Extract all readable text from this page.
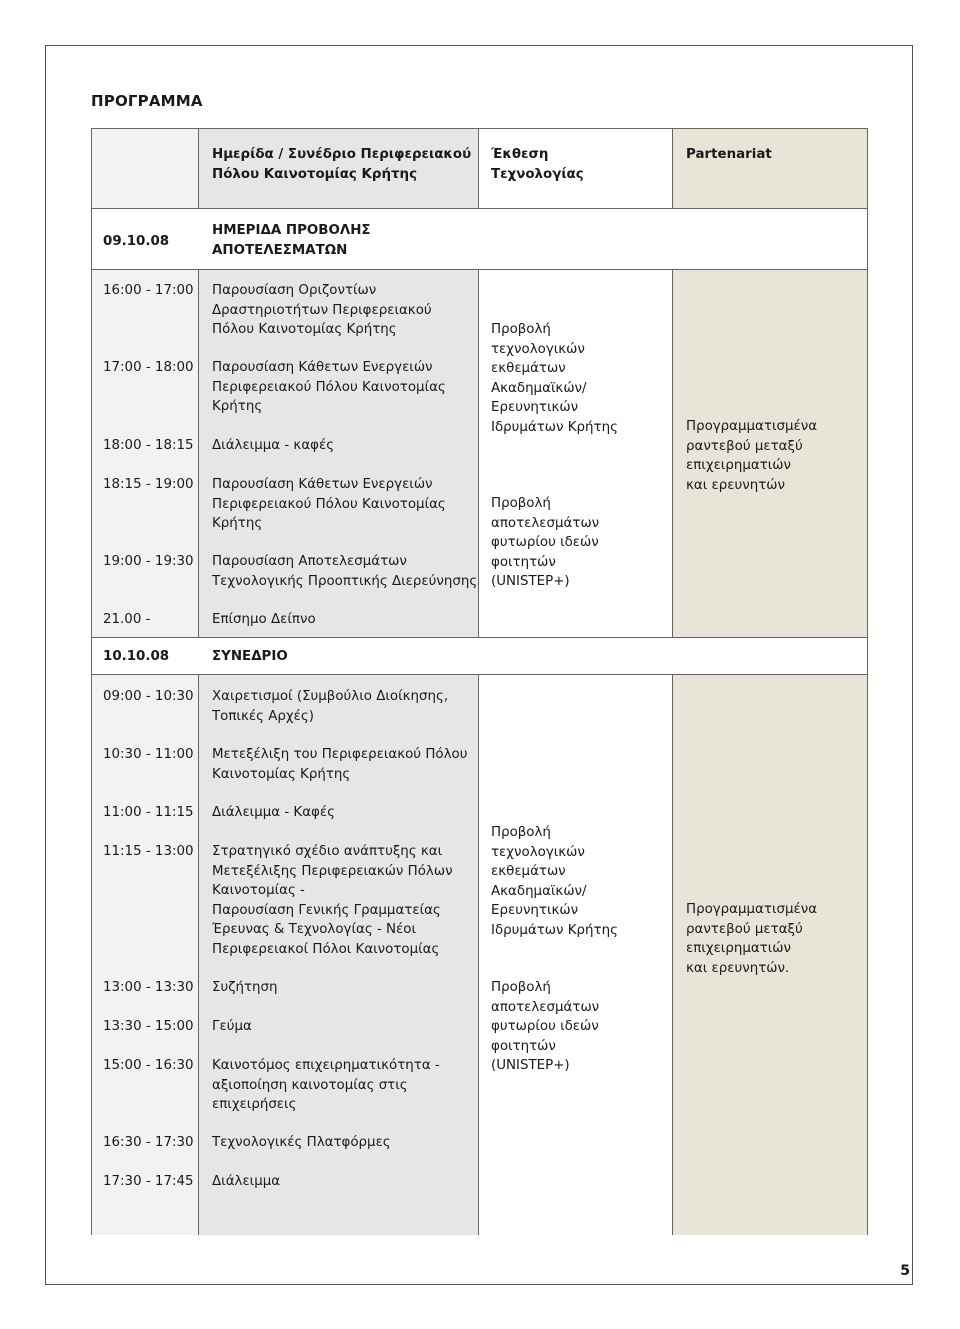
ΠΡΟΓΡΑΜΜΑ
Ημερίδα / Συνέδριο Περιφερειακού
Πόλου Καινοτομίας Κρήτης
Έκθεση
Τεχνολογίας
Partenariat
09.10.08
ΗΜΕΡΙΔΑ ΠΡΟΒΟΛΗΣ
ΑΠΟΤΕΛΕΣΜΑΤΩΝ
16:00 - 17:00 Παρουσίαση Οριζοντίων
Δραστηριοτήτων Περιφερειακού
Πόλου Καινοτομίας Κρήτης
17:00 - 18:00 Παρουσίαση Κάθετων Ενεργειών
Περιφερειακού Πόλου Καινοτομίας
Κρήτης
18:00 - 18:15 Διάλειμμα - καφές
18:15 - 19:00 Παρουσίαση Κάθετων Ενεργειών
Περιφερειακού Πόλου Καινοτομίας
Κρήτης
19:00 - 19:30 Παρουσίαση Αποτελεσμάτων
Τεχνολογικής Προοπτικής Διερεύνησης
21.00 -	Επίσημο Δείπνο
Προβολή
τεχνολογικών
εκθεμάτων
Ακαδημαϊκών/
Ερευνητικών
Ιδρυμάτων Κρήτης
Προβολή
αποτελεσμάτων
φυτωρίου ιδεών
φοιτητών
(UNISTEP+)
Προγραμματισμένα
ραντεβού μεταξύ
επιχειρηματιών
και ερευνητών
10.10.08	ΣΥΝΕΔΡΙΟ
09:00 - 10:30 Χαιρετισμοί (Συμβούλιο Διοίκησης,
Τοπικές Αρχές)
10:30 - 11:00 Μετεξέλιξη του Περιφερειακού Πόλου
Καινοτομίας Κρήτης
11:00 - 11:15 Διάλειμμα - Καφές
11:15 - 13:00 Στρατηγικό σχέδιο ανάπτυξης και
Μετεξέλιξης Περιφερειακών Πόλων
Καινοτομίας -
Παρουσίαση Γενικής Γραμματείας
Έρευνας & Τεχνολογίας - Νέοι
Περιφερειακοί Πόλοι Καινοτομίας
13:00 - 13:30 Συζήτηση
13:30 - 15:00 Γεύμα
15:00 - 16:30 Καινοτόμος επιχειρηματικότητα -
αξιοποίηση καινοτομίας στις
επιχειρήσεις
16:30 - 17:30 Τεχνολογικές Πλατφόρμες
17:30 - 17:45 Διάλειμμα
Προβολή
τεχνολογικών
εκθεμάτων
Ακαδημαϊκών/
Ερευνητικών
Ιδρυμάτων Κρήτης
Προβολή
αποτελεσμάτων
φυτωρίου ιδεών
φοιτητών
(UNISTEP+)
Προγραμματισμένα
ραντεβού μεταξύ
επιχειρηματιών
και ερευνητών.
5
